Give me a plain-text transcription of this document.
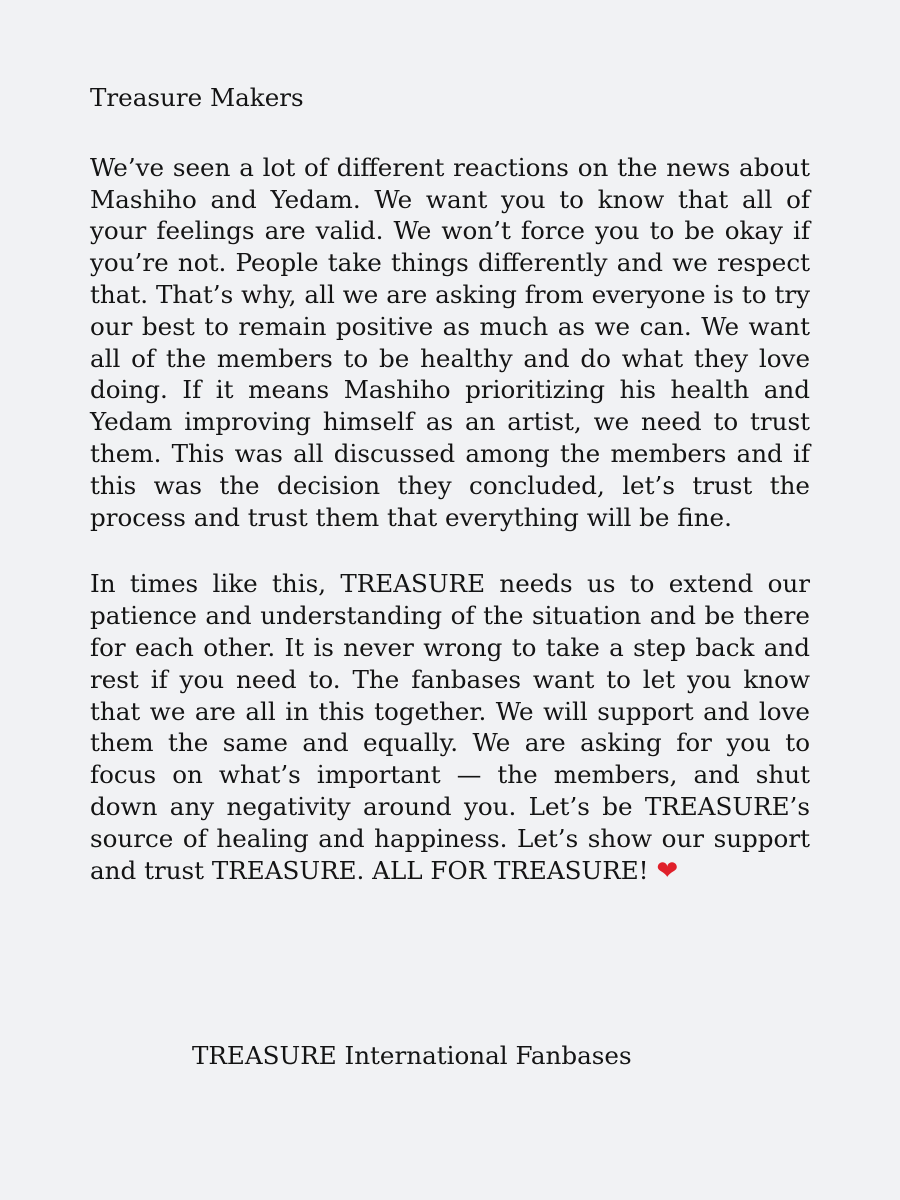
Treasure Makers

We’ve seen a lot of different reactions on the news about Mashiho and Yedam. We want you to know that all of your feelings are valid. We won’t force you to be okay if you’re not. People take things differently and we respect that. That’s why, all we are asking from everyone is to try our best to remain positive as much as we can. We want all of the members to be healthy and do what they love doing. If it means Mashiho prioritizing his health and Yedam improving himself as an artist, we need to trust them. This was all discussed among the members and if this was the decision they concluded, let’s trust the process and trust them that everything will be fine.

In times like this, TREASURE needs us to extend our patience and understanding of the situation and be there for each other. It is never wrong to take a step back and rest if you need to. The fanbases want to let you know that we are all in this together. We will support and love them the same and equally. We are asking for you to focus on what’s important — the members, and shut down any negativity around you. Let’s be TREASURE’s source of healing and happiness. Let’s show our support and trust TREASURE. ALL FOR TREASURE! ❤

TREASURE International Fanbases
